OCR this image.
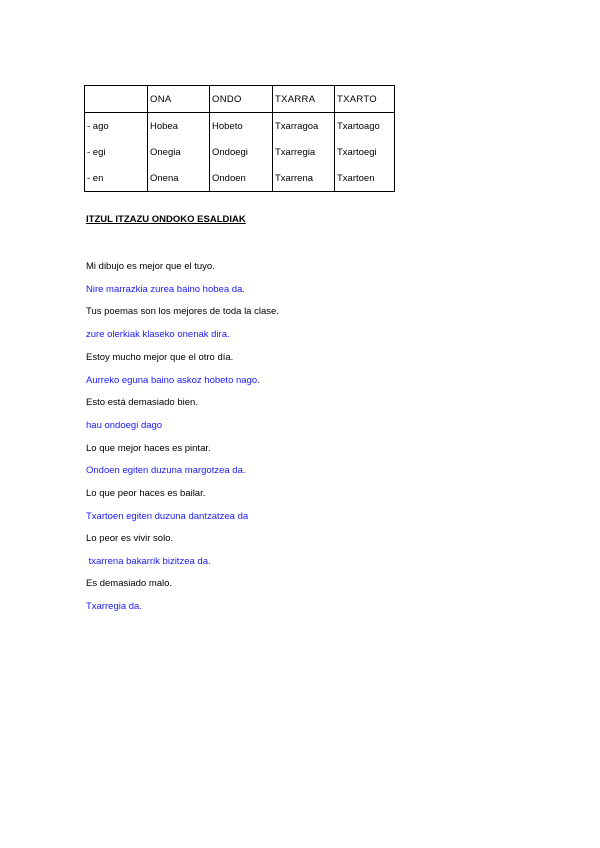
	ONA	ONDO	TXARRA	TXARTO
- ago	Hobea	Hobeto	Txarragoa	Txartoago
- egi	Onegia	Ondoegi	Txarregia	Txartoegi
- en	Onena	Ondoen	Txarrena	Txartoen
ITZUL ITZAZU ONDOKO ESALDIAK
Mi dibujo es mejor que el tuyo.
Nire marrazkia zurea baino hobea da.
Tus poemas son los mejores de toda la clase.
zure olerkiak klaseko onenak dira.
Estoy mucho mejor que el otro día.
Aurreko eguna baino askoz hobeto nago.
Esto está demasiado bien.
hau ondoegi dago
Lo que mejor haces es pintar.
Ondoen egiten duzuna margotzea da.
Lo que peor haces es bailar.
Txartoen egiten duzuna dantzatzea da
Lo peor es vivir solo.
txarrena bakarrik bizitzea da.
Es demasiado malo.
Txarregia da.
